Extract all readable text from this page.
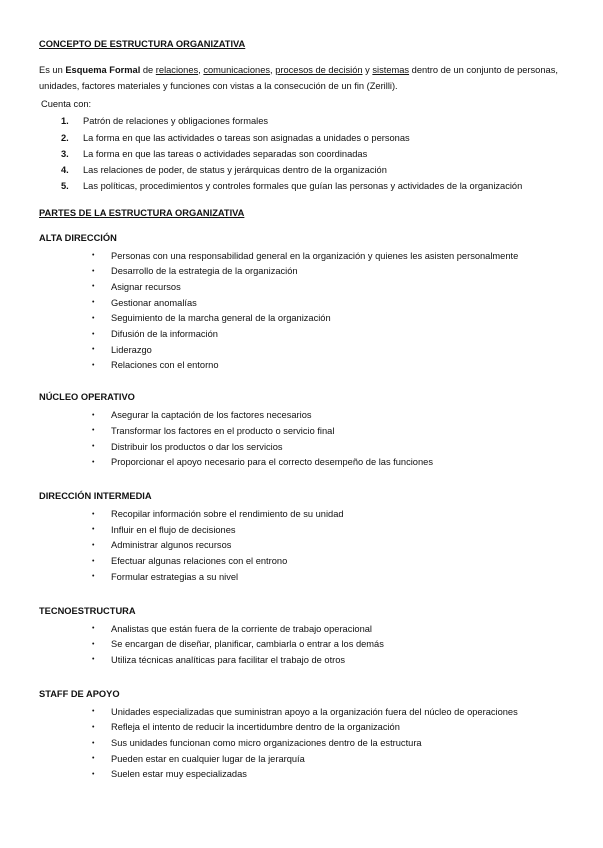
CONCEPTO DE ESTRUCTURA ORGANIZATIVA

Es un Esquema Formal de relaciones, comunicaciones, procesos de decisión y sistemas dentro de un conjunto de personas, unidades, factores materiales y funciones con vistas a la consecución de un fin (Zerilli).

Cuenta con:

1.	Patrón de relaciones y obligaciones formales
2.	La forma en que las actividades o tareas son asignadas a unidades o personas
3.	La forma en que las tareas o actividades separadas son coordinadas
4.	Las relaciones de poder, de status y jerárquicas dentro de la organización
5.	Las políticas, procedimientos y controles formales que guían las personas y actividades de la organización

PARTES DE LA ESTRUCTURA ORGANIZATIVA

ALTA DIRECCIÓN

•	Personas con una responsabilidad general en la organización y quienes les asisten personalmente
•	Desarrollo de la estrategia de la organización
•	Asignar recursos
•	Gestionar anomalías
•	Seguimiento de la marcha general de la organización
•	Difusión de la información
•	Liderazgo
•	Relaciones con el entorno

NÚCLEO OPERATIVO

•	Asegurar la captación de los factores necesarios
•	Transformar los factores en el producto o servicio final
•	Distribuir los productos o dar los servicios
•	Proporcionar el apoyo necesario para el correcto desempeño de las funciones

DIRECCIÓN INTERMEDIA

•	Recopilar información sobre el rendimiento de su unidad
•	Influir en el flujo de decisiones
•	Administrar algunos recursos
•	Efectuar algunas relaciones con el entrono
•	Formular estrategias a su nivel

TECNOESTRUCTURA

•	Analistas que están fuera de la corriente de trabajo operacional
•	Se encargan de diseñar, planificar, cambiarla o entrar a los demás
•	Utiliza técnicas analíticas para facilitar el trabajo de otros

STAFF DE APOYO

•	Unidades especializadas que suministran apoyo a la organización fuera del núcleo de operaciones
•	Refleja el intento de reducir la incertidumbre dentro de la organización
•	Sus unidades funcionan como micro organizaciones dentro de la estructura
•	Pueden estar en cualquier lugar de la jerarquía
•	Suelen estar muy especializadas
